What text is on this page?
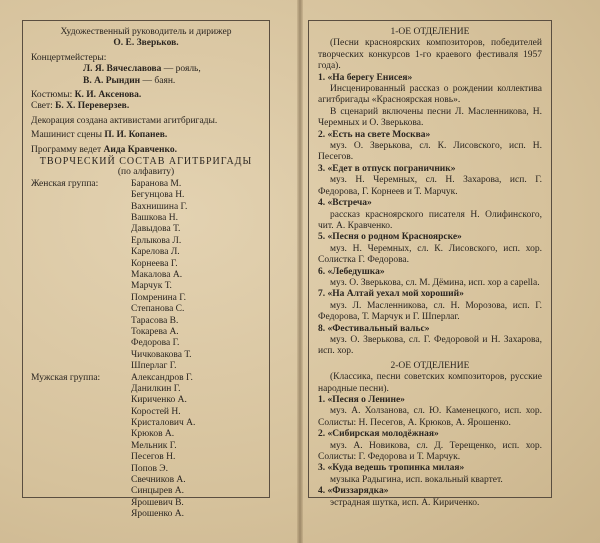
Художественный руководитель и дирижер
О. Е. Зверьков.
Концертмейстеры:
Л. Я. Вячеславова — рояль,
В. А. Рындин — баян.
Костюмы: К. И. Аксенова.
Свет: Б. Х. Переверзев.
Декорация создана активистами агитбригады.
Машинист сцены П. И. Копанев.
Программу ведет Аида Кравченко.
ТВОРЧЕСКИЙ СОСТАВ АГИТБРИГАДЫ
(по алфавиту)
Женская группа:	Баранова М.
Бегунцова Н.
Вахнишина Г.
Вашкова Н.
Давыдова Т.
Ерлыкова Л.
Карелова Л.
Корнеева Г.
Макалова А.
Марчук Т.
Помренина Г.
Степанова С.
Тарасова В.
Токарева А.
Федорова Г.
Чичковакова Т.
Шперлаг Г.
Мужская группа:	Александров Г.
Данилкин Г.
Кириченко А.
Коростей Н.
Кристалович А.
Крюков А.
Мельник Г.
Песегов Н.
Попов Э.
Свечников А.
Синцырев А.
Ярошевич В.
Ярошенко А.
1-ОЕ ОТДЕЛЕНИЕ
(Песни красноярских композиторов, победителей творческих конкурсов 1-го краевого фестиваля 1957 года).
1. «На берегу Енисея»
Инсценированный рассказ о рождении коллектива агитбригады «Красноярская новь».
В сценарий включены песни Л. Масленникова, Н. Черемных и О. Зверькова.
2. «Есть на свете Москва»
муз. О. Зверькова, сл. К. Лисовского, исп. Н. Песегов.
3. «Едет в отпуск пограничник»
муз. Н. Черемных, сл. Н. Захарова, исп. Г. Федорова, Г. Корнеев и Т. Марчук.
4. «Встреча»
рассказ красноярского писателя Н. Олифинского, чит. А. Кравченко.
5. «Песня о родном Красноярске»
муз. Н. Черемных, сл. К. Лисовского, исп. хор. Солистка Г. Федорова.
6. «Лебедушка»
муз. О. Зверькова, сл. М. Дёмина, исп. хор a capella.
7. «На Алтай уехал мой хороший»
муз. Л. Масленникова, сл. Н. Морозова, исп. Г. Федорова, Т. Марчук и Г. Шперлаг.
8. «Фестивальный вальс»
муз. О. Зверькова, сл. Г. Федоровой и Н. Захарова, исп. хор.
2-ОЕ ОТДЕЛЕНИЕ
(Классика, песни советских композиторов, русские народные песни).
1. «Песня о Ленине»
муз. А. Холзанова, сл. Ю. Каменецкого, исп. хор. Солисты: Н. Песегов, А. Крюков, А. Ярошенко.
2. «Сибирская молодёжная»
муз. А. Новикова, сл. Д. Терещенко, исп. хор. Солисты: Г. Федорова и Т. Марчук.
3. «Куда ведешь тропинка милая»
музыка Радыгина, исп. вокальный квартет.
4. «Физзарядка»
эстрадная шутка, исп. А. Кириченко.
